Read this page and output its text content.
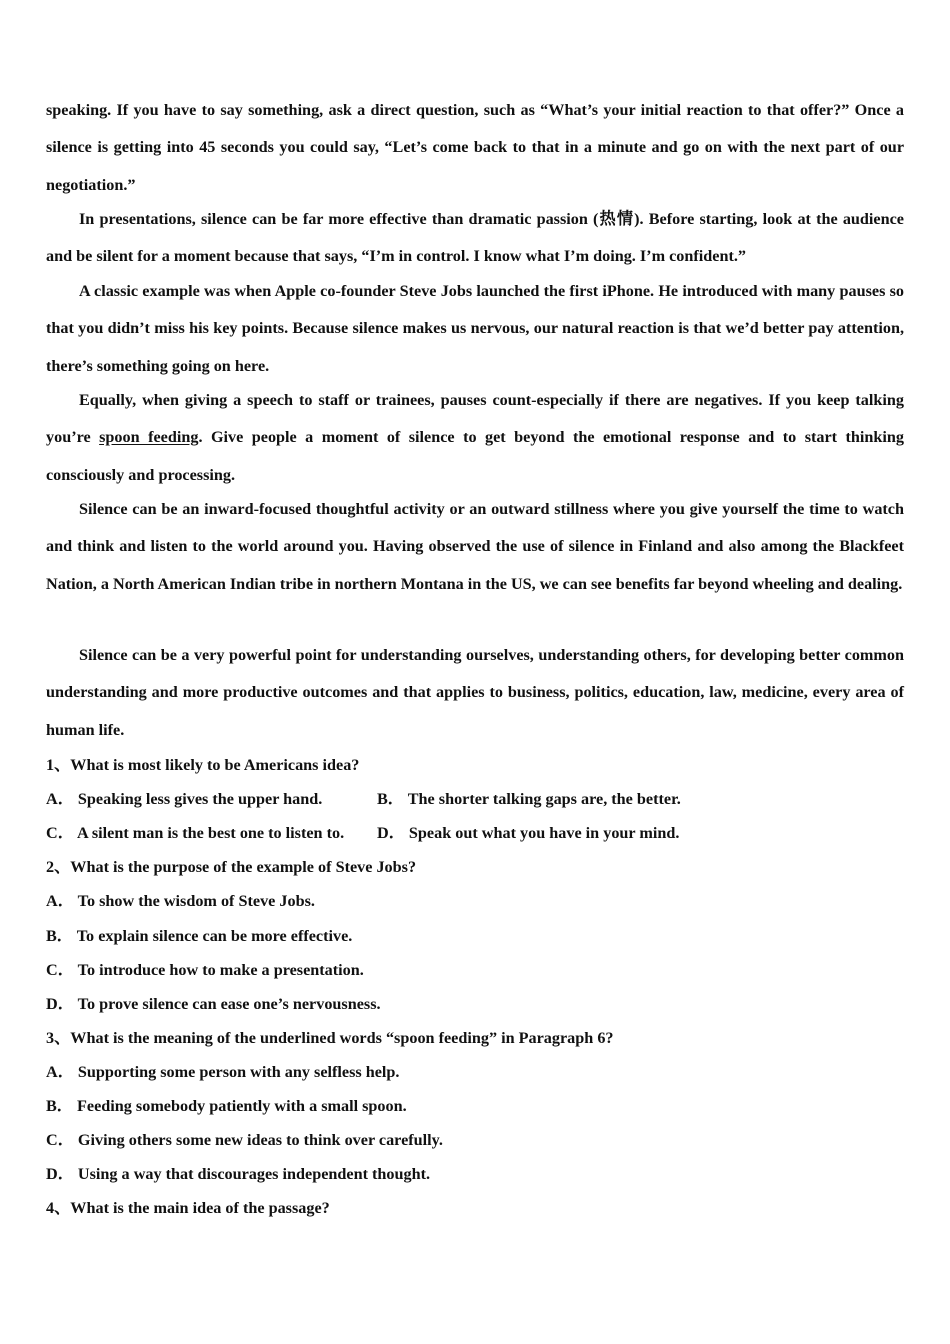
speaking. If you have to say something, ask a direct question, such as “What’s your initial reaction to that offer?” Once a silence is getting into 45 seconds you could say, “Let’s come back to that in a minute and go on with the next part of our negotiation.”

In presentations, silence can be far more effective than dramatic passion (热情). Before starting, look at the audience and be silent for a moment because that says, “I’m in control. I know what I’m doing. I’m confident.”

A classic example was when Apple co-founder Steve Jobs launched the first iPhone. He introduced with many pauses so that you didn’t miss his key points. Because silence makes us nervous, our natural reaction is that we’d better pay attention, there’s something going on here.

Equally, when giving a speech to staff or trainees, pauses count-especially if there are negatives. If you keep talking you’re spoon feeding. Give people a moment of silence to get beyond the emotional response and to start thinking consciously and processing.

Silence can be an inward-focused thoughtful activity or an outward stillness where you give yourself the time to watch and think and listen to the world around you. Having observed the use of silence in Finland and also among the Blackfeet Nation, a North American Indian tribe in northern Montana in the US, we can see benefits far beyond wheeling and dealing.

Silence can be a very powerful point for understanding ourselves, understanding others, for developing better common understanding and more productive outcomes and that applies to business, politics, education, law, medicine, every area of human life.

1、What is most likely to be Americans idea?
A． Speaking less gives the upper hand.	B． The shorter talking gaps are, the better.
C． A silent man is the best one to listen to. D． Speak out what you have in your mind.
2、What is the purpose of the example of Steve Jobs?
A． To show the wisdom of Steve Jobs.
B． To explain silence can be more effective.
C． To introduce how to make a presentation.
D． To prove silence can ease one’s nervousness.
3、What is the meaning of the underlined words “spoon feeding” in Paragraph 6?
A． Supporting some person with any selfless help.
B． Feeding somebody patiently with a small spoon.
C． Giving others some new ideas to think over carefully.
D． Using a way that discourages independent thought.
4、What is the main idea of the passage?
